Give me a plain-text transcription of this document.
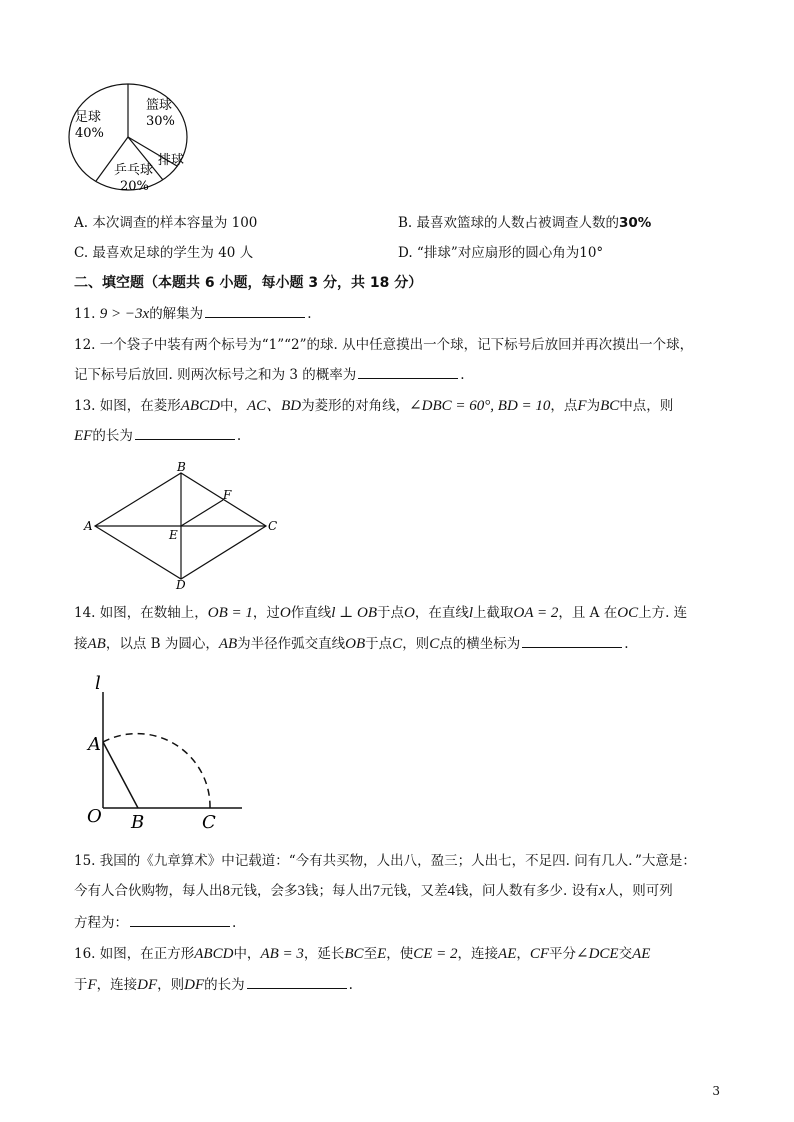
篮球
30%
足球
40%
排球
乒乓球
20%
A. 本次调查的样本容量为 100	B. 最喜欢篮球的人数占被调查人数的30%
C. 最喜欢足球的学生为 40 人	D. “排球”对应扇形的圆心角为10°
二、填空题（本题共 6 小题，每小题 3 分，共 18 分）
11. 9 > −3x的解集为	.
12. 一个袋子中装有两个标号为“1”“2”的球. 从中任意摸出一个球，记下标号后放回并再次摸出一个球，
记下标号后放回. 则两次标号之和为 3 的概率为	.
13. 如图，在菱形ABCD中，AC、BD为菱形的对角线，∠DBC = 60°, BD = 10，点F为BC中点，则
EF的长为	.
A
B
C
D
E
F
14. 如图，在数轴上，OB = 1，过O作直线l ⊥ OB于点O，在直线l上截取OA = 2，且 A 在OC上方. 连
接AB，以点 B 为圆心，AB为半径作弧交直线OB于点C，则C点的横坐标为	.
l
A
O B	C
15. 我国的《九章算术》中记载道：“今有共买物，人出八，盈三；人出七，不足四. 问有几人．”大意是：
今有人合伙购物，每人出8元钱，会多3钱；每人出7元钱，又差4钱，问人数有多少. 设有x人，则可列
方程为：	.
16. 如图，在正方形ABCD中，AB = 3，延长BC至E，使CE = 2，连接AE，CF平分∠DCE交AE
于F，连接DF，则DF的长为	.
3
